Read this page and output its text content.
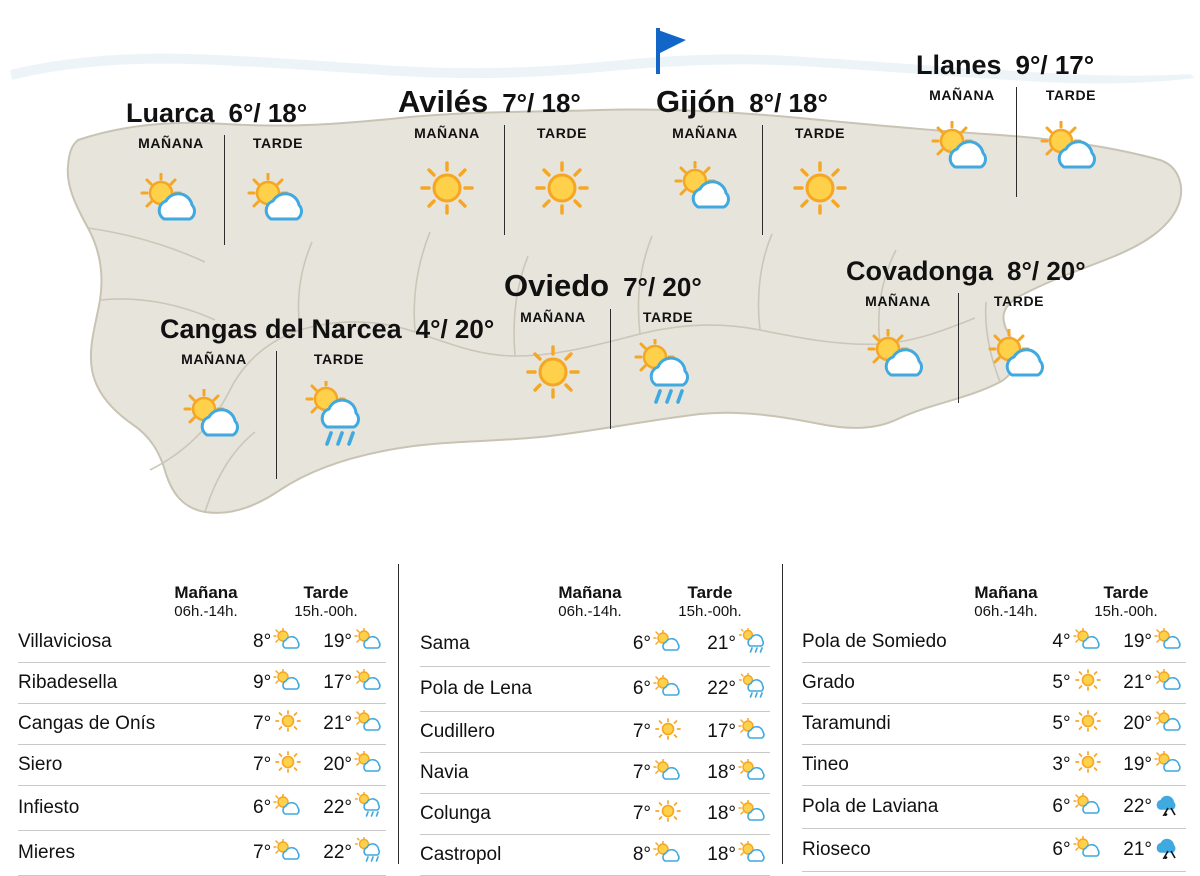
Luarca 6°/ 18°
MAÑANA	TARDE
Avilés 7°/ 18°
MAÑANA	TARDE
Gijón 8°/ 18°
MAÑANA	TARDE
Llanes 9°/ 17°
MAÑANA	TARDE
Oviedo 7°/ 20°
MAÑANA	TARDE
Covadonga 8°/ 20°
MAÑANA	TARDE
Cangas del Narcea 4°/ 20°
MAÑANA	TARDE
Mañana
06h.-14h.
Tarde
15h.-00h.
Villaviciosa	8°		19°	
Ribadesella	9°		17°	
Cangas de Onís	7°		21°	
Siero	7°		20°	
Infiesto	6°		22°	
Mieres	7°		22°	
Mañana
06h.-14h.
Tarde
15h.-00h.
Sama	6°		21°	
Pola de Lena	6°		22°	
Cudillero	7°		17°	
Navia	7°		18°	
Colunga	7°		18°	
Castropol	8°		18°	
Mañana
06h.-14h.
Tarde
15h.-00h.
Pola de Somiedo	4°		19°	
Grado	5°		21°	
Taramundi	5°		20°	
Tineo	3°		19°	
Pola de Laviana	6°		22°	
Rioseco	6°		21°	
